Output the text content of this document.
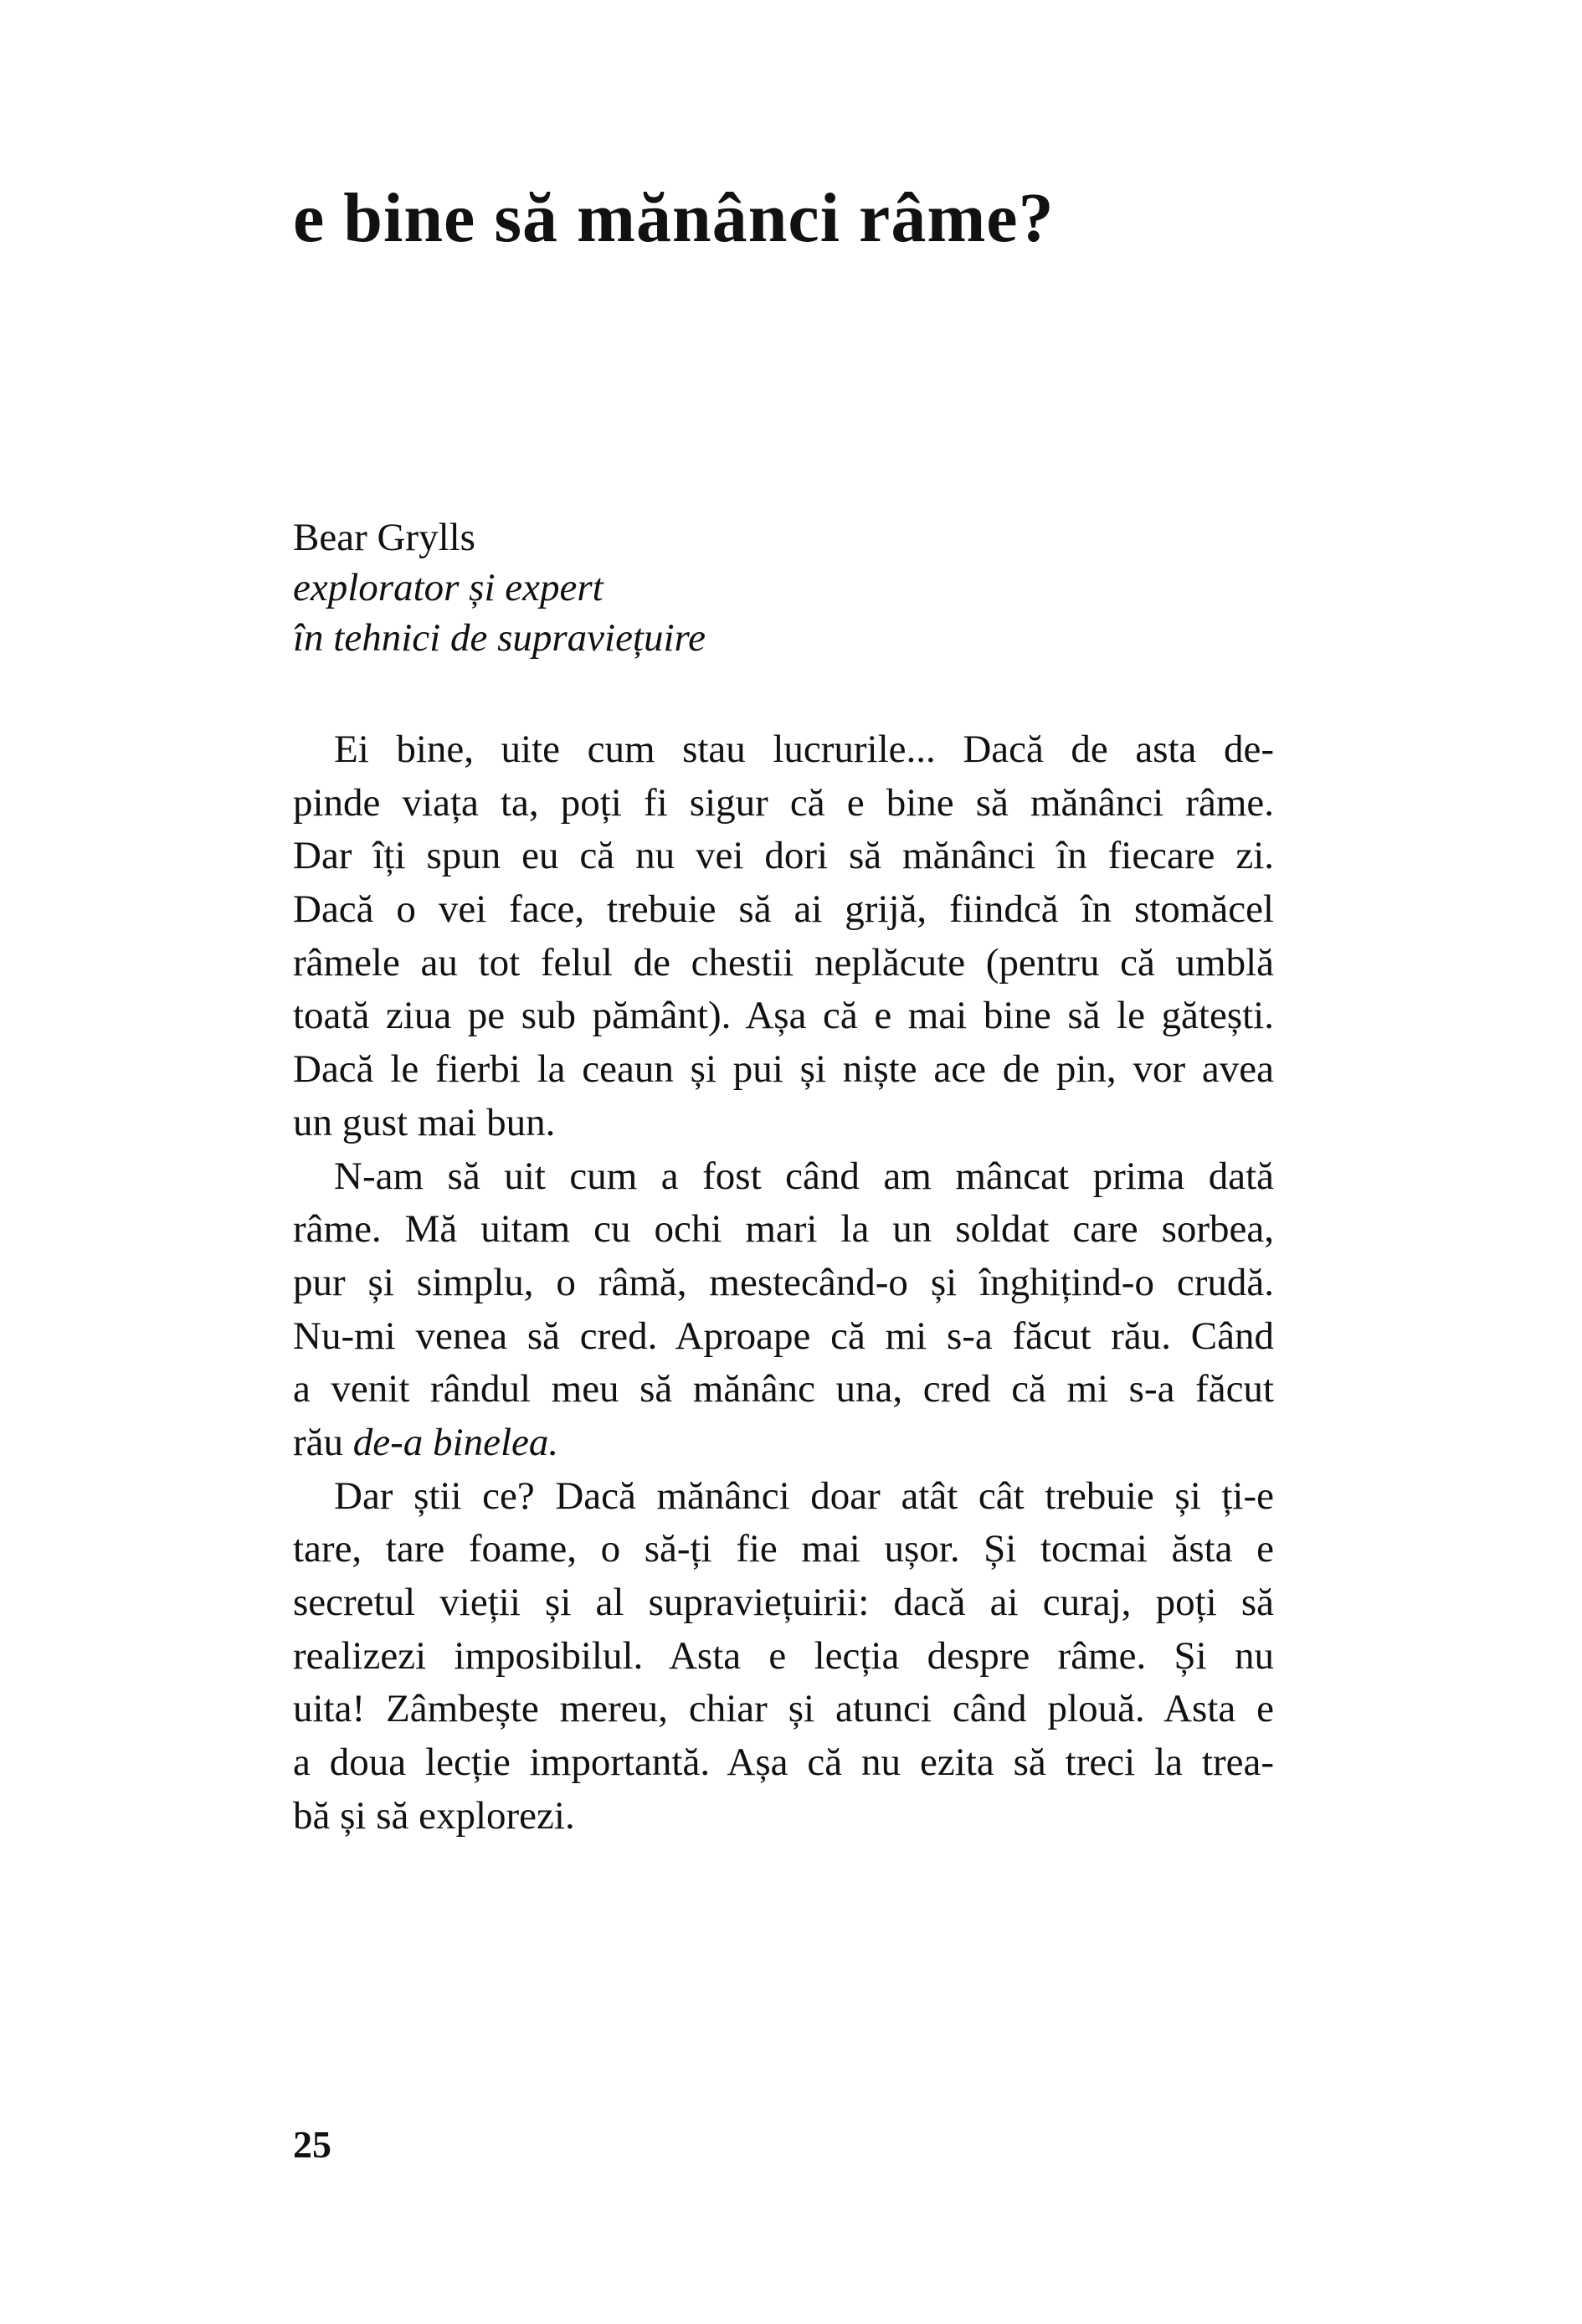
e bine să mănânci râme?
Bear Grylls
explorator și expert
în tehnici de supraviețuire
Ei bine, uite cum stau lucrurile... Dacă de asta de-
pinde viața ta, poți fi sigur că e bine să mănânci râme.
Dar îți spun eu că nu vei dori să mănânci în fiecare zi.
Dacă o vei face, trebuie să ai grijă, fiindcă în stomăcel
râmele au tot felul de chestii neplăcute (pentru că umblă
toată ziua pe sub pământ). Așa că e mai bine să le gătești.
Dacă le fierbi la ceaun și pui și niște ace de pin, vor avea
un gust mai bun.
N-am să uit cum a fost când am mâncat prima dată
râme. Mă uitam cu ochi mari la un soldat care sorbea,
pur și simplu, o râmă, mestecând-o și înghițind-o crudă.
Nu-mi venea să cred. Aproape că mi s-a făcut rău. Când
a venit rândul meu să mănânc una, cred că mi s-a făcut
rău de-a binelea.
Dar știi ce? Dacă mănânci doar atât cât trebuie și ți-e
tare, tare foame, o să-ți fie mai ușor. Și tocmai ăsta e
secretul vieții și al supraviețuirii: dacă ai curaj, poți să
realizezi imposibilul. Asta e lecția despre râme. Și nu
uita! Zâmbește mereu, chiar și atunci când plouă. Asta e
a doua lecție importantă. Așa că nu ezita să treci la trea-
bă și să explorezi.
25
